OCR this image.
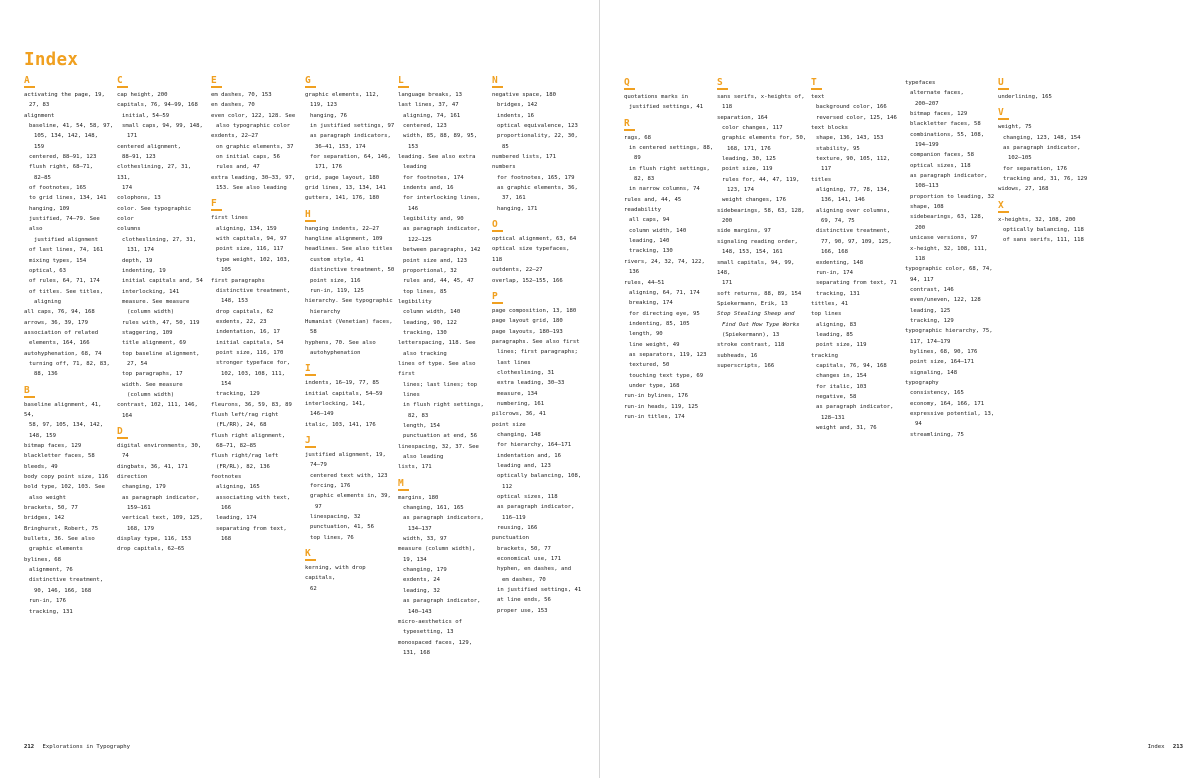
Index
A
activating the page, 19,
27, 83
alignment
baseline, 41, 54, 58, 97,
105, 134, 142, 148,
159
centered, 88–91, 123
flush right, 68–71,
82–85
of footnotes, 165
to grid lines, 134, 141
hanging, 109
justified, 74–79. See also
justified alignment
of last lines, 74, 161
mixing types, 154
optical, 63
of rules, 64, 71, 174
of titles. See titles,
aligning
all caps, 76, 94, 168
arrows, 36, 39, 179
association of related
elements, 164, 166
autohyphenation, 68, 74
turning off, 71, 82, 83,
88, 136
B
baseline alignment, 41, 54,
58, 97, 105, 134, 142,
148, 159
bitmap faces, 129
blackletter faces, 58
bleeds, 49
body copy point size, 116
bold type, 102, 103. See
also weight
brackets, 50, 77
bridges, 142
Bringhurst, Robert, 75
bullets, 36. See also
graphic elements
bylines, 68
alignment, 76
distinctive treatment,
90, 146, 166, 168
run-in, 176
tracking, 131
C
cap height, 200
capitals, 76, 94–99, 168
initial, 54–59
small caps, 94, 99, 148,
171
centered alignment,
88–91, 123
clotheslining, 27, 31, 131,
174
colophons, 13
color. See typographic color
columns
clotheslining, 27, 31,
131, 174
depth, 19
indenting, 19
initial capitals and, 54
interlocking, 141
measure. See measure
(column width)
rules with, 47, 50, 119
staggering, 109
title alignment, 69
top baseline alignment,
27, 54
top paragraphs, 17
width. See measure
(column width)
contrast, 102, 111, 146,
164
D
digital environments, 30,
74
dingbats, 36, 41, 171
direction
changing, 179
as paragraph indicator,
159–161
vertical text, 109, 125,
168, 179
display type, 116, 153
drop capitals, 62–65
E
em dashes, 70, 153
en dashes, 70
even color, 122, 128. See
also typographic color
exdents, 22–27
on graphic elements, 37
on initial caps, 56
rules and, 47
extra leading, 30–33, 97,
153. See also leading
F
first lines
aligning, 134, 159
with capitals, 94, 97
point size, 116, 117
type weight, 102, 103,
105
first paragraphs
distinctive treatment,
148, 153
drop capitals, 62
exdents, 22, 23
indentation, 16, 17
initial capitals, 54
point size, 116, 170
stronger typeface for,
102, 103, 108, 111,
154
tracking, 129
fleurons, 36, 59, 83, 89
flush left/rag right
(FL/RR), 24, 68
flush right alignment,
68–71, 82–85
flush right/rag left
(FR/RL), 82, 136
footnotes
aligning, 165
associating with text,
166
leading, 174
separating from text,
168
G
graphic elements, 112,
119, 123
hanging, 76
in justified settings, 97
as paragraph indicators,
36–41, 153, 174
for separation, 64, 146,
171, 176
grid, page layout, 180
grid lines, 13, 134, 141
gutters, 141, 176, 180
H
hanging indents, 22–27
hangline alignment, 109
headlines. See also titles
custom style, 41
distinctive treatment, 50
point size, 116
run-in, 119, 125
hierarchy. See typographic
hierarchy
Humanist (Venetian) faces,
58
hyphens, 70. See also
autohyphenation
I
indents, 16–19, 77, 85
initial capitals, 54–59
interlocking, 141,
146–149
italic, 103, 141, 176
J
justified alignment, 19,
74–79
centered text with, 123
forcing, 176
graphic elements in, 39,
97
linespacing, 32
punctuation, 41, 56
top lines, 76
K
kerning, with drop capitals,
62
L
language breaks, 13
last lines, 37, 47
aligning, 74, 161
centered, 123
width, 85, 88, 89, 95,
153
leading. See also extra
leading
for footnotes, 174
indents and, 16
for interlocking lines,
146
legibility and, 90
as paragraph indicator,
122–125
between paragraphs, 142
point size and, 123
proportional, 32
rules and, 44, 45, 47
top lines, 85
legibility
column width, 140
leading, 90, 122
tracking, 130
letterspacing, 118. See
also tracking
lines of type. See also first
lines; last lines; top lines
in flush right settings,
82, 83
length, 154
punctuation at end, 56
linespacing, 32, 37. See
also leading
lists, 171
M
margins, 180
changing, 161, 165
as paragraph indicators,
134–137
width, 33, 97
measure (column width),
19, 134
changing, 179
exdents, 24
leading, 32
as paragraph indicator,
140–143
micro-aesthetics of
typesetting, 13
monospaced faces, 129,
131, 168
N
negative space, 180
bridges, 142
indents, 16
optical equivalence, 123
proportionality, 22, 30,
85
numbered lists, 171
numbers
for footnotes, 165, 179
as graphic elements, 36,
37, 161
hanging, 171
O
optical alignment, 63, 64
optical size typefaces, 118
outdents, 22–27
overlap, 152–155, 166
P
page composition, 13, 180
page layout grid, 180
page layouts, 180–193
paragraphs. See also first
lines; first paragraphs;
last lines
clotheslining, 31
extra leading, 30–33
measure, 134
numbering, 161
pilcrows, 36, 41
point size
changing, 148
for hierarchy, 164–171
indentation and, 16
leading and, 123
optically balancing, 108,
112
optical sizes, 118
as paragraph indicator,
116–119
reusing, 166
punctuation
brackets, 50, 77
economical use, 171
hyphen, en dashes, and
em dashes, 70
in justified settings, 41
at line ends, 56
proper use, 153
212 Explorations in Typography
Q
quotations marks in
justified settings, 41
R
rags, 68
in centered settings, 88,
89
in flush right settings,
82, 83
in narrow columns, 74
rules and, 44, 45
readability
all caps, 94
column width, 140
leading, 140
tracking, 130
rivers, 24, 32, 74, 122,
136
rules, 44–51
aligning, 64, 71, 174
breaking, 174
for directing eye, 95
indenting, 85, 105
length, 90
line weight, 49
as separators, 119, 123
textured, 50
touching text type, 69
under type, 168
run-in bylines, 176
run-in heads, 119, 125
run-in titles, 174
S
sans serifs, x-heights of,
118
separation, 164
color changes, 117
graphic elements for, 50,
168, 171, 176
leading, 30, 125
point size, 119
rules for, 44, 47, 119,
123, 174
weight changes, 176
sidebearings, 58, 63, 128,
200
side margins, 97
signaling reading order,
148, 153, 154, 161
small capitals, 94, 99, 148,
171
soft returns, 88, 89, 154
Spiekermann, Erik, 13
Stop Stealing Sheep and
Find Out How Type Works
(Spiekermann), 13
stroke contrast, 118
subheads, 16
superscripts, 166
T
text
background color, 166
reversed color, 125, 146
text blocks
shape, 136, 143, 153
stability, 95
texture, 90, 105, 112,
117
titles
aligning, 77, 78, 134,
136, 141, 146
aligning over columns,
69, 74, 75
distinctive treatment,
77, 90, 97, 109, 125,
166, 168
exdenting, 148
run-in, 174
separating from text, 71
tracking, 131
tittles, 41
top lines
aligning, 83
leading, 85
point size, 119
tracking
capitals, 76, 94, 168
changes in, 154
for italic, 103
negative, 58
as paragraph indicator,
128–131
weight and, 31, 76
typefaces
alternate faces,
200–207
bitmap faces, 129
blackletter faces, 58
combinations, 55, 108,
194–199
companion faces, 58
optical sizes, 118
as paragraph indicator,
108–113
proportion to leading, 32
shape, 108
sidebearings, 63, 128,
200
unicase versions, 97
x-height, 32, 108, 111,
118
typographic color, 68, 74,
94, 117
contrast, 146
even/uneven, 122, 128
leading, 125
tracking, 129
typographic hierarchy, 75,
117, 174–179
bylines, 68, 90, 176
point size, 164–171
signaling, 148
typography
consistency, 165
economy, 164, 166, 171
expressive potential, 13,
94
streamlining, 75
U
underlining, 165
V
weight, 75
changing, 123, 148, 154
as paragraph indicator,
102–105
for separation, 176
tracking and, 31, 76, 129
widows, 27, 168
X
x-heights, 32, 108, 200
optically balancing, 118
of sans serifs, 111, 118
Index 213
